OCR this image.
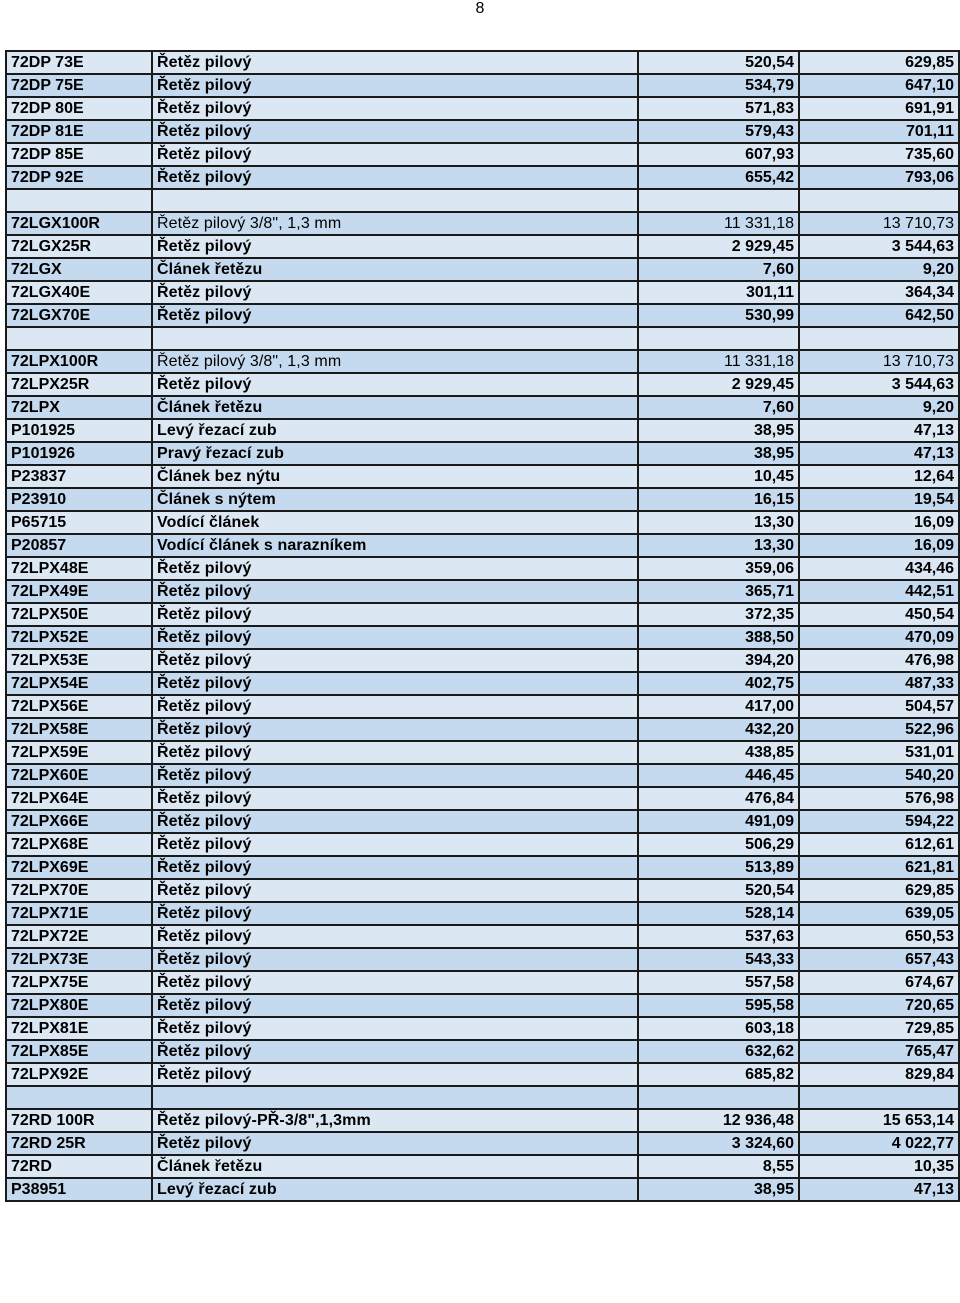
8
72DP 73E	Řetěz pilový	520,54	629,85
72DP 75E	Řetěz pilový	534,79	647,10
72DP 80E	Řetěz pilový	571,83	691,91
72DP 81E	Řetěz pilový	579,43	701,11
72DP 85E	Řetěz pilový	607,93	735,60
72DP 92E	Řetěz pilový	655,42	793,06

72LGX100R	Řetěz pilový 3/8", 1,3 mm	11 331,18	13 710,73
72LGX25R	Řetěz pilový	2 929,45	3 544,63
72LGX	Článek řetězu	7,60	9,20
72LGX40E	Řetěz pilový	301,11	364,34
72LGX70E	Řetěz pilový	530,99	642,50

72LPX100R	Řetěz pilový 3/8", 1,3 mm	11 331,18	13 710,73
72LPX25R	Řetěz pilový	2 929,45	3 544,63
72LPX	Článek řetězu	7,60	9,20
P101925	Levý řezací zub	38,95	47,13
P101926	Pravý řezací zub	38,95	47,13
P23837	Článek bez nýtu	10,45	12,64
P23910	Článek s nýtem	16,15	19,54
P65715	Vodící článek	13,30	16,09
P20857	Vodící článek s narazníkem	13,30	16,09
72LPX48E	Řetěz pilový	359,06	434,46
72LPX49E	Řetěz pilový	365,71	442,51
72LPX50E	Řetěz pilový	372,35	450,54
72LPX52E	Řetěz pilový	388,50	470,09
72LPX53E	Řetěz pilový	394,20	476,98
72LPX54E	Řetěz pilový	402,75	487,33
72LPX56E	Řetěz pilový	417,00	504,57
72LPX58E	Řetěz pilový	432,20	522,96
72LPX59E	Řetěz pilový	438,85	531,01
72LPX60E	Řetěz pilový	446,45	540,20
72LPX64E	Řetěz pilový	476,84	576,98
72LPX66E	Řetěz pilový	491,09	594,22
72LPX68E	Řetěz pilový	506,29	612,61
72LPX69E	Řetěz pilový	513,89	621,81
72LPX70E	Řetěz pilový	520,54	629,85
72LPX71E	Řetěz pilový	528,14	639,05
72LPX72E	Řetěz pilový	537,63	650,53
72LPX73E	Řetěz pilový	543,33	657,43
72LPX75E	Řetěz pilový	557,58	674,67
72LPX80E	Řetěz pilový	595,58	720,65
72LPX81E	Řetěz pilový	603,18	729,85
72LPX85E	Řetěz pilový	632,62	765,47
72LPX92E	Řetěz pilový	685,82	829,84

72RD 100R	Řetěz pilový-PŘ-3/8",1,3mm	12 936,48	15 653,14
72RD 25R	Řetěz pilový	3 324,60	4 022,77
72RD	Článek řetězu	8,55	10,35
P38951	Levý řezací zub	38,95	47,13
